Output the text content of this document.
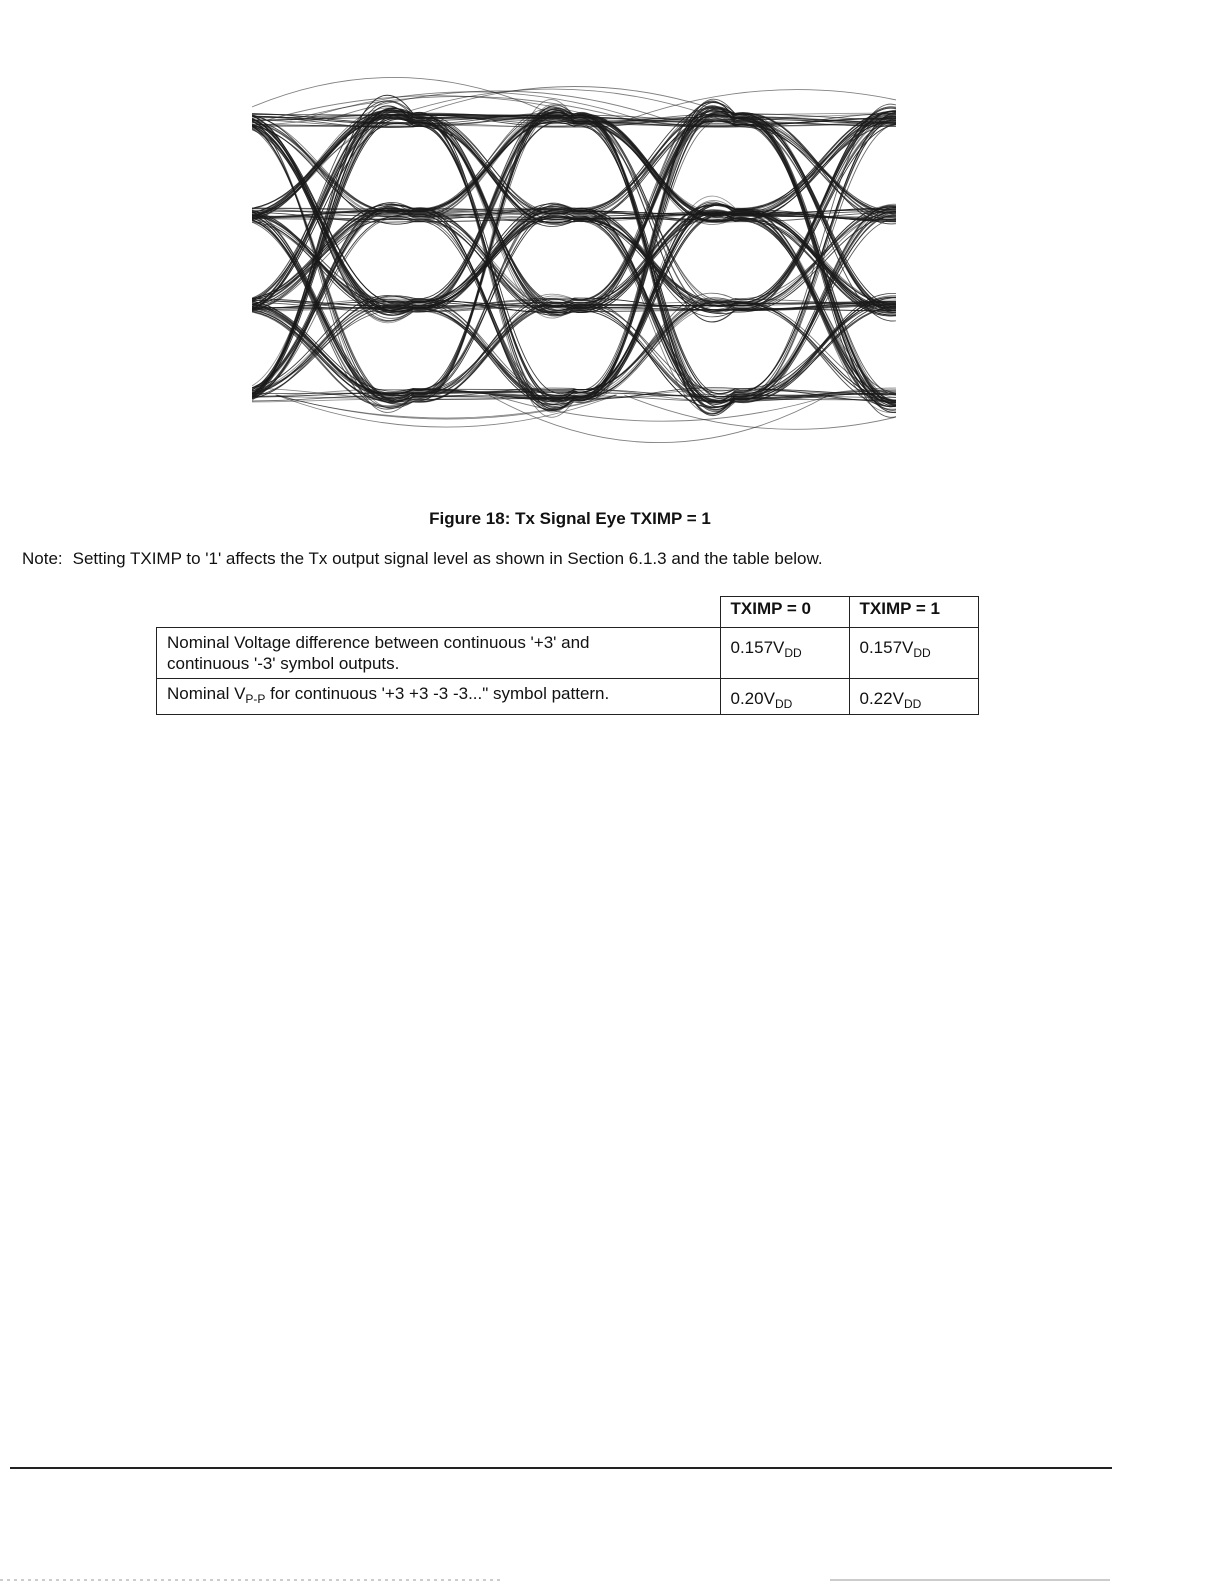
Figure 18: Tx Signal Eye TXIMP = 1
Note: Setting TXIMP to '1' affects the Tx output signal level as shown in Section 6.1.3 and the table below.
	TXIMP = 0	TXIMP = 1
Nominal Voltage difference between continuous '+3' and
continuous '-3' symbol outputs.	$0.157V_{DD}$	$0.157V_{DD}$
Nominal $V_{P-P}$ for continuous '+3 +3 -3 -3..." symbol pattern.	$0.20V_{DD}$	$0.22V_{DD}$
